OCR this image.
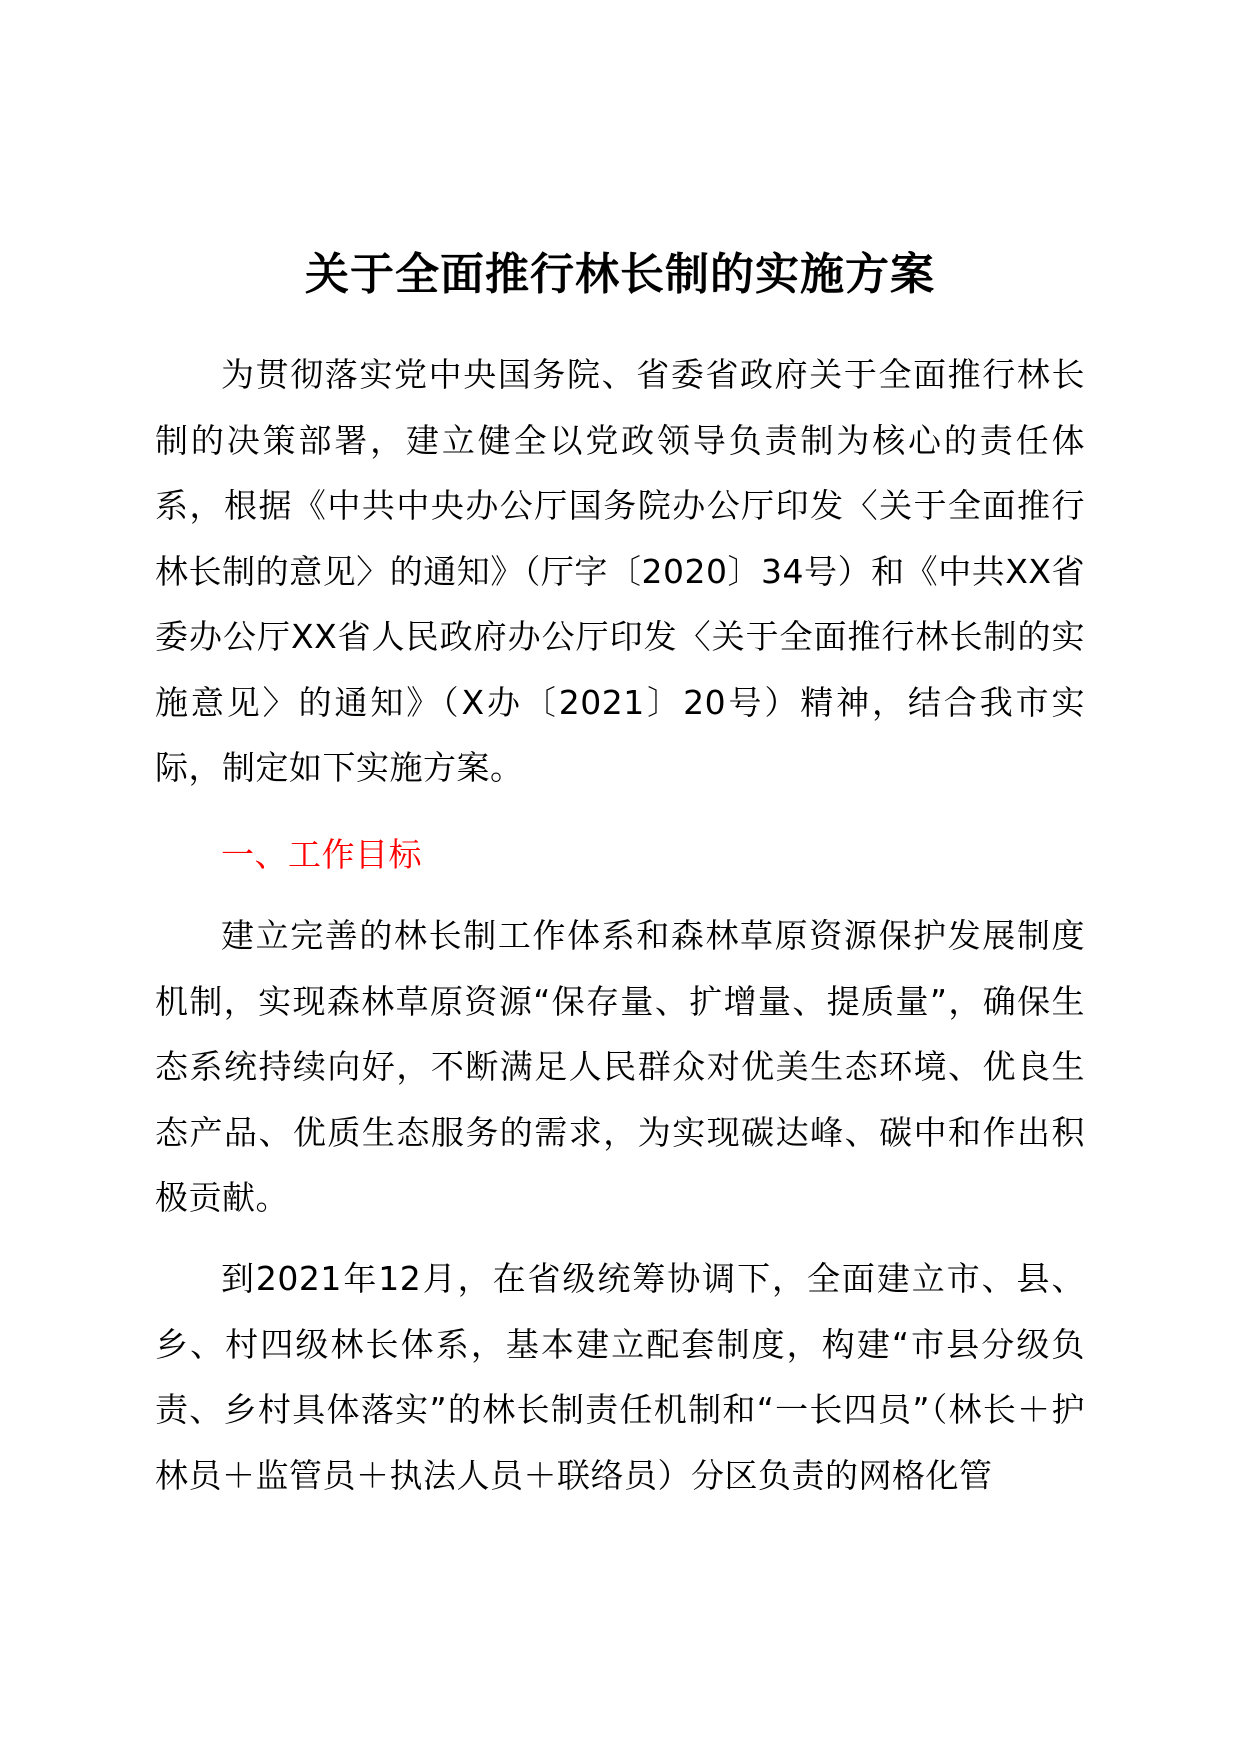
关于全面推行林长制的实施方案
为贯彻落实党中央国务院、省委省政府关于全面推行林长制的决策部署，建立健全以党政领导负责制为核心的责任体系，根据《中共中央办公厅国务院办公厅印发〈关于全面推行林长制的意见〉的通知》（厅字〔2020〕34号）和《中共XX省委办公厅XX省人民政府办公厅印发〈关于全面推行林长制的实施意见〉的通知》（X办〔2021〕20号）精神，结合我市实际，制定如下实施方案。
一、工作目标
建立完善的林长制工作体系和森林草原资源保护发展制度机制，实现森林草原资源“保存量、扩增量、提质量”，确保生态系统持续向好，不断满足人民群众对优美生态环境、优良生态产品、优质生态服务的需求，为实现碳达峰、碳中和作出积极贡献。
到2021年12月，在省级统筹协调下，全面建立市、县、乡、村四级林长体系，基本建立配套制度，构建“市县分级负责、乡村具体落实”的林长制责任机制和“一长四员”（林长＋护林员＋监管员＋执法人员＋联络员）分区负责的网格化管
